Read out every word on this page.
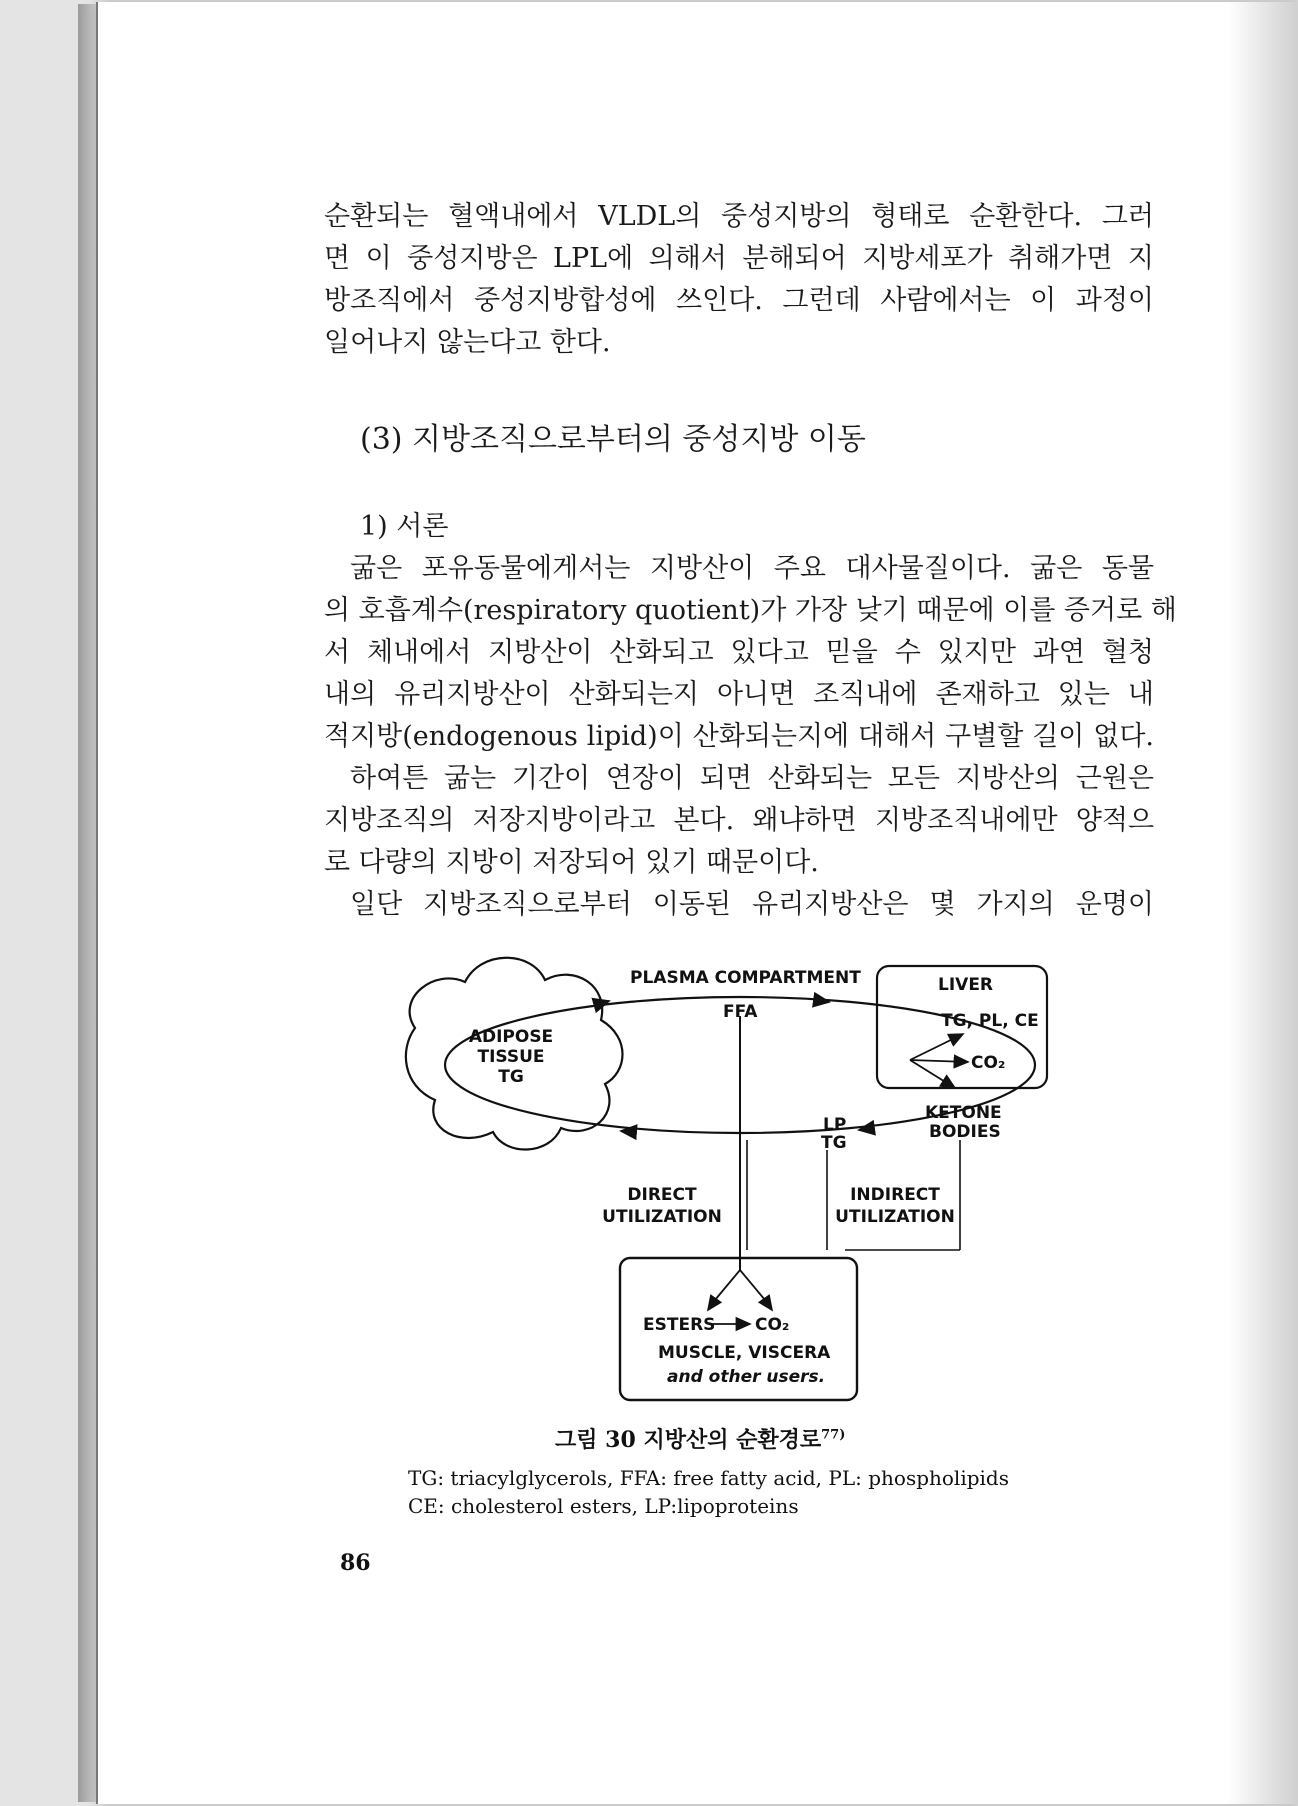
순환되는 혈액내에서 VLDL의 중성지방의 형태로 순환한다. 그러
면 이 중성지방은 LPL에 의해서 분해되어 지방세포가 취해가면 지
방조직에서 중성지방합성에 쓰인다. 그런데 사람에서는 이 과정이
일어나지 않는다고 한다.
(3) 지방조직으로부터의 중성지방 이동
1) 서론
굶은 포유동물에게서는 지방산이 주요 대사물질이다. 굶은 동물
의 호흡계수(respiratory quotient)가 가장 낮기 때문에 이를 증거로 해
서 체내에서 지방산이 산화되고 있다고 믿을 수 있지만 과연 혈청
내의 유리지방산이 산화되는지 아니면 조직내에 존재하고 있는 내
적지방(endogenous lipid)이 산화되는지에 대해서 구별할 길이 없다.
하여튼 굶는 기간이 연장이 되면 산화되는 모든 지방산의 근원은
지방조직의 저장지방이라고 본다. 왜냐하면 지방조직내에만 양적으
로 다량의 지방이 저장되어 있기 때문이다.
일단 지방조직으로부터 이동된 유리지방산은 몇 가지의 운명이
ADIPOSE
TISSUE
TG
PLASMA COMPARTMENT
FFA
LIVER
TG, PL, CE
CO₂
KETONE
BODIES
LP
TG
DIRECT
UTILIZATION
INDIRECT
UTILIZATION
ESTERS CO₂
MUSCLE, VISCERA
and other users.
그림 30 지방산의 순환경로$^{77)}$
TG: triacylglycerols, FFA: free fatty acid, PL: phospholipids
CE: cholesterol esters, LP:lipoproteins
86
